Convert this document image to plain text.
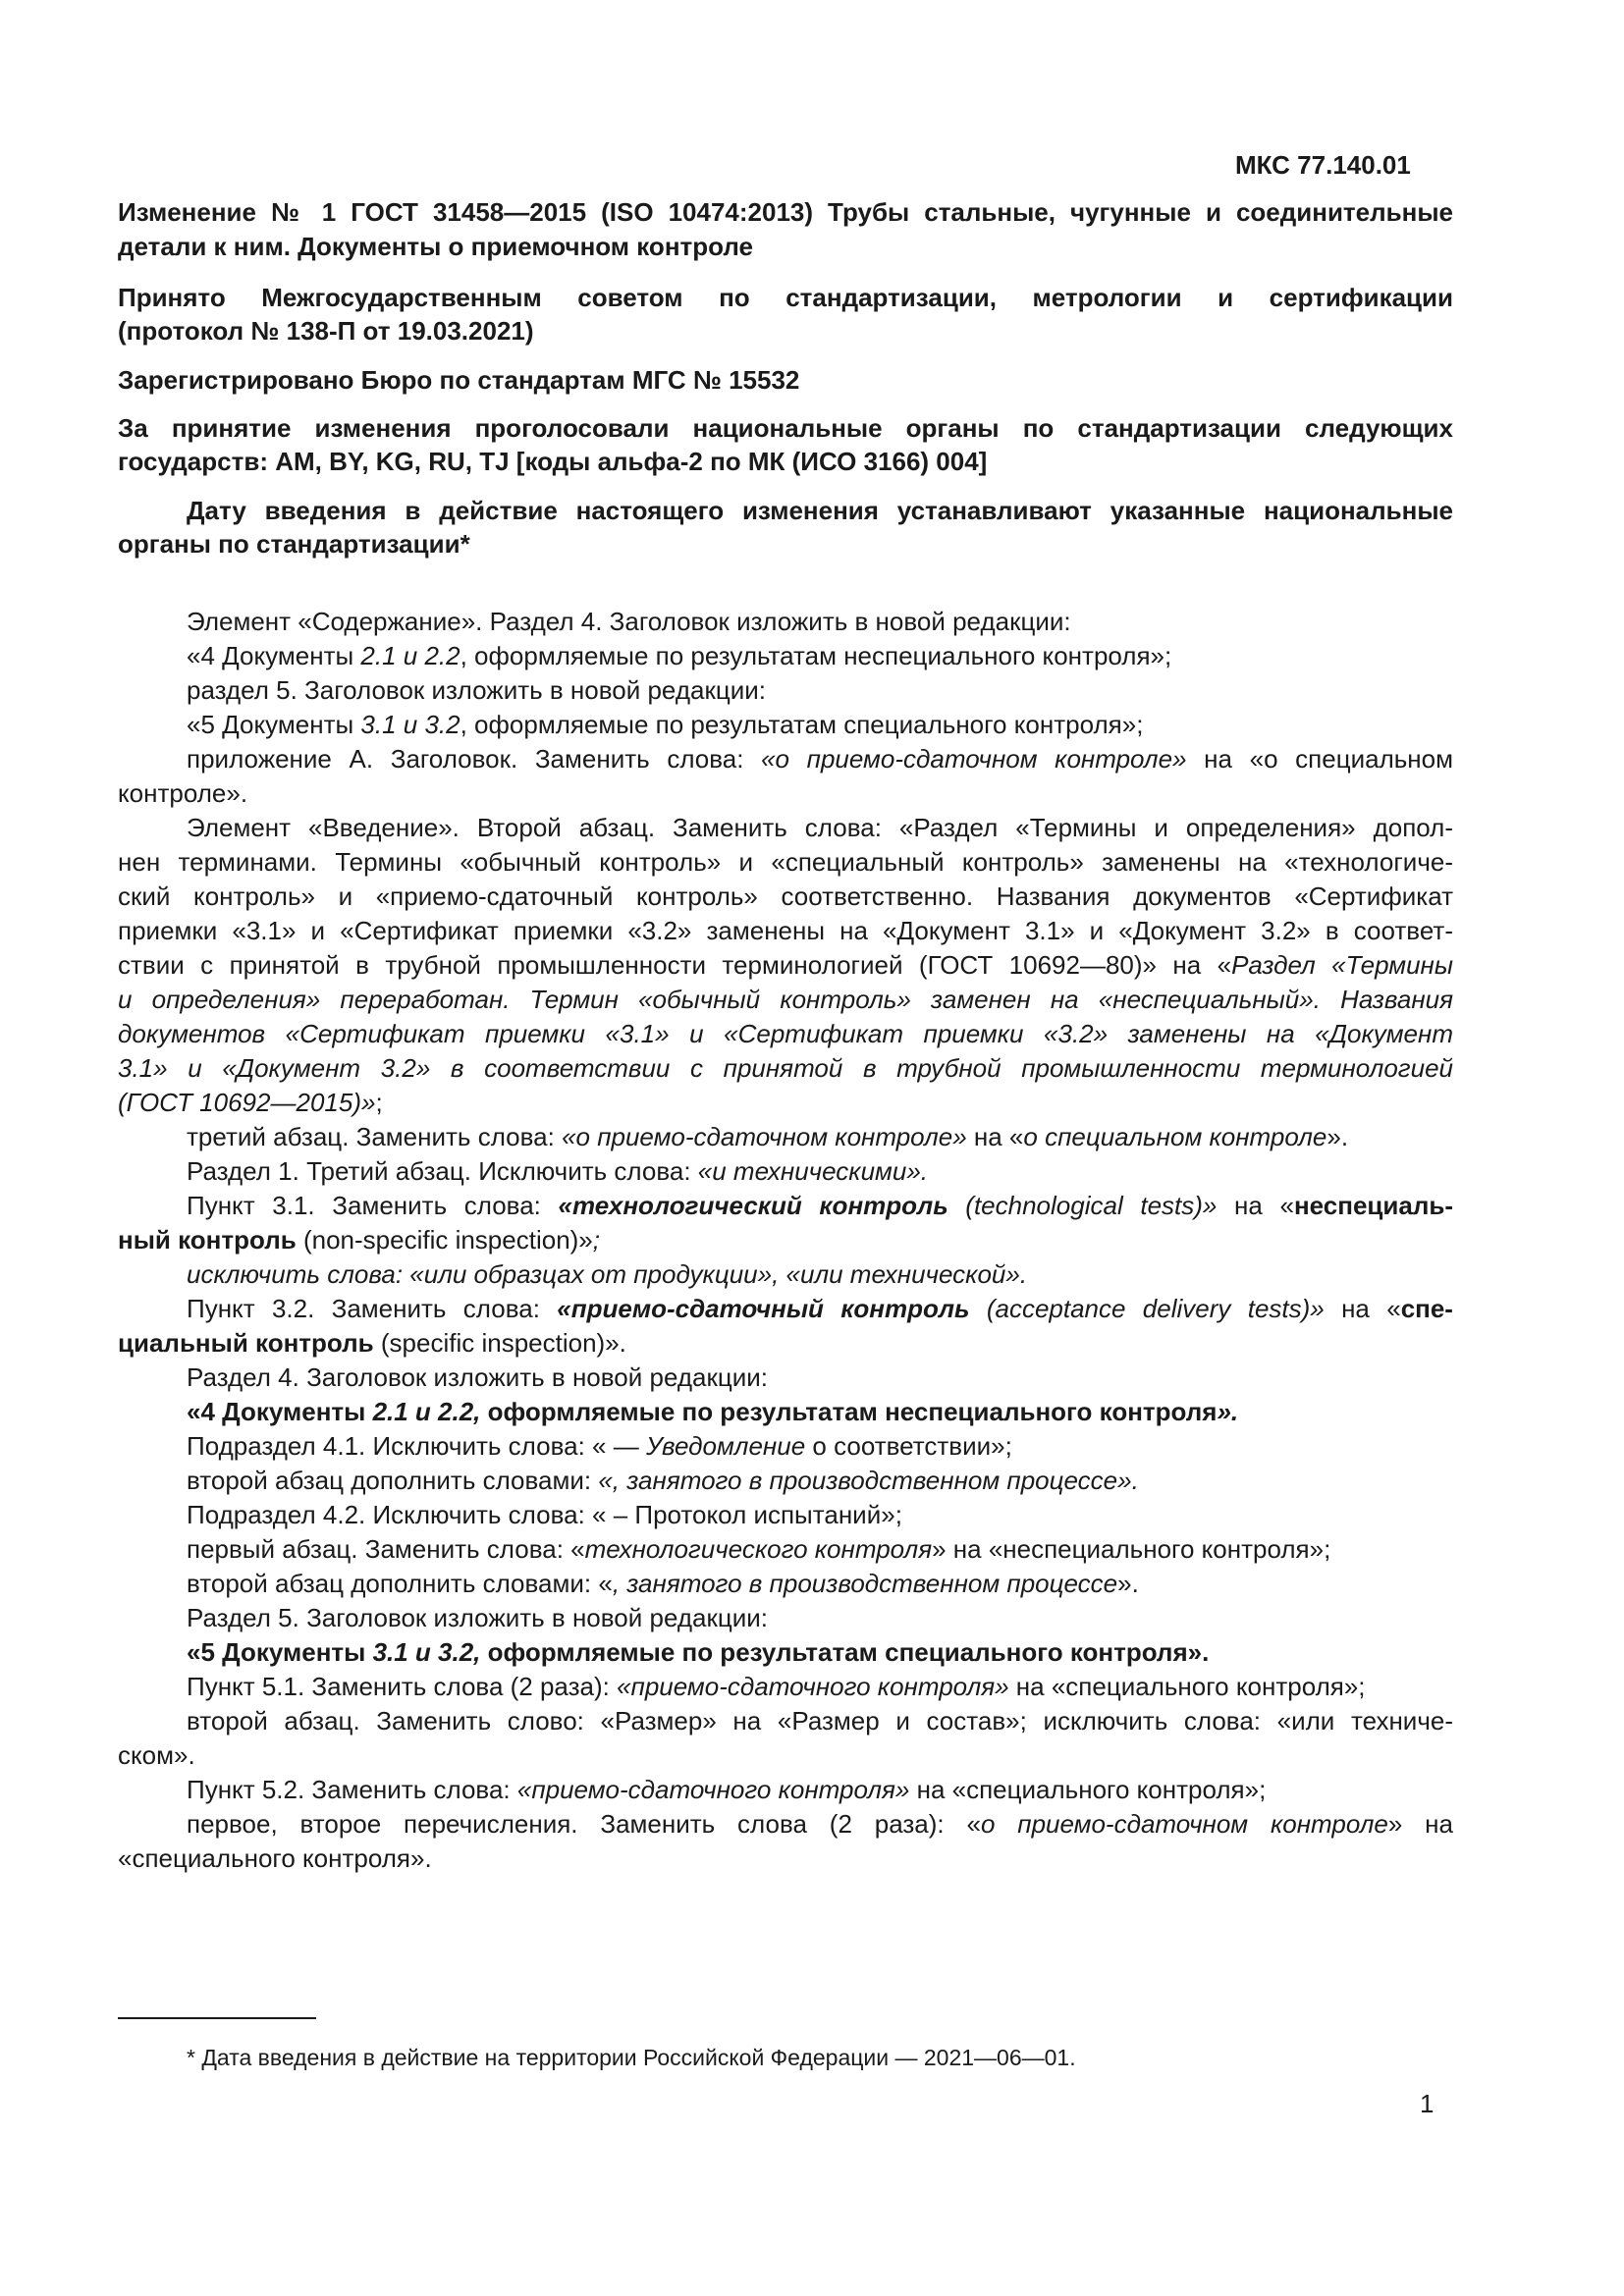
МКС 77.140.01
Изменение № 1 ГОСТ 31458—2015 (ISO 10474:2013) Трубы стальные, чугунные и соединительные
детали к ним. Документы о приемочном контроле
Принято Межгосударственным советом по стандартизации, метрологии и сертификации
(протокол № 138-П от 19.03.2021)
Зарегистрировано Бюро по стандартам МГС № 15532
За принятие изменения проголосовали национальные органы по стандартизации следующих
государств: AM, BY, KG, RU, TJ [коды альфа-2 по МК (ИСО 3166) 004]
Дату введения в действие настоящего изменения устанавливают указанные национальные
органы по стандартизации*
Элемент «Содержание». Раздел 4. Заголовок изложить в новой редакции:
«4 Документы 2.1 и 2.2, оформляемые по результатам неспециального контроля»;
раздел 5. Заголовок изложить в новой редакции:
«5 Документы 3.1 и 3.2, оформляемые по результатам специального контроля»;
приложение А. Заголовок. Заменить слова: «о приемо-сдаточном контроле» на «о специальном
контроле».
Элемент «Введение». Второй абзац. Заменить слова: «Раздел «Термины и определения» допол-
нен терминами. Термины «обычный контроль» и «специальный контроль» заменены на «технологиче-
ский контроль» и «приемо-сдаточный контроль» соответственно. Названия документов «Сертификат
приемки «3.1» и «Сертификат приемки «3.2» заменены на «Документ 3.1» и «Документ 3.2» в соответ-
ствии с принятой в трубной промышленности терминологией (ГОСТ 10692—80)» на «Раздел «Термины
и определения» переработан. Термин «обычный контроль» заменен на «неспециальный». Названия
документов «Сертификат приемки «3.1» и «Сертификат приемки «3.2» заменены на «Документ
3.1» и «Документ 3.2» в соответствии с принятой в трубной промышленности терминологией
(ГОСТ 10692—2015)»;
третий абзац. Заменить слова: «о приемо-сдаточном контроле» на «о специальном контроле».
Раздел 1. Третий абзац. Исключить слова: «и техническими».
Пункт 3.1. Заменить слова: «технологический контроль (technological tests)» на «неспециаль-
ный контроль (non-specific inspection)»;
исключить слова: «или образцах от продукции», «или технической».
Пункт 3.2. Заменить слова: «приемо-сдаточный контроль (acceptance delivery tests)» на «спе-
циальный контроль (specific inspection)».
Раздел 4. Заголовок изложить в новой редакции:
«4 Документы 2.1 и 2.2, оформляемые по результатам неспециального контроля».
Подраздел 4.1. Исключить слова: « — Уведомление о соответствии»;
второй абзац дополнить словами: «, занятого в производственном процессе».
Подраздел 4.2. Исключить слова: « – Протокол испытаний»;
первый абзац. Заменить слова: «технологического контроля» на «неспециального контроля»;
второй абзац дополнить словами: «, занятого в производственном процессе».
Раздел 5. Заголовок изложить в новой редакции:
«5 Документы 3.1 и 3.2, оформляемые по результатам специального контроля».
Пункт 5.1. Заменить слова (2 раза): «приемо-сдаточного контроля» на «специального контроля»;
второй абзац. Заменить слово: «Размер» на «Размер и состав»; исключить слова: «или техниче-
ском».
Пункт 5.2. Заменить слова: «приемо-сдаточного контроля» на «специального контроля»;
первое, второе перечисления. Заменить слова (2 раза): «о приемо-сдаточном контроле» на
«специального контроля».
* Дата введения в действие на территории Российской Федерации — 2021—06—01.
1
